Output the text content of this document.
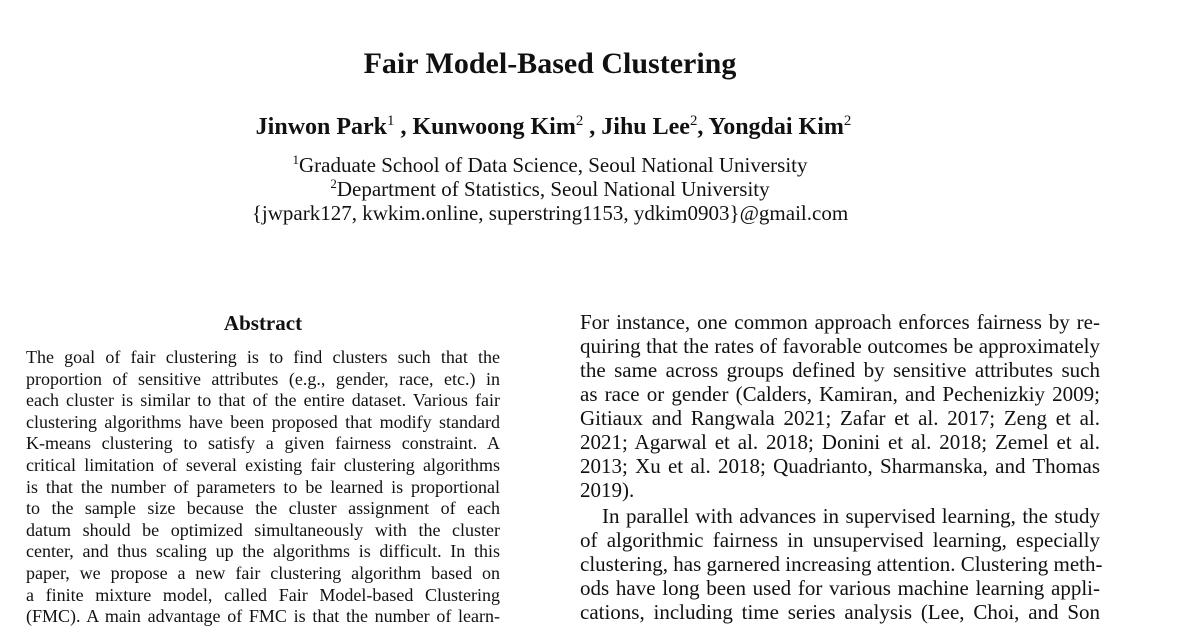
Fair Model-Based Clustering
Jinwon Park$^1$ , Kunwoong Kim$^2$ , Jihu Lee$^2$, Yongdai Kim$^2$
$^1$Graduate School of Data Science, Seoul National University
$^2$Department of Statistics, Seoul National University
{jwpark127, kwkim.online, superstring1153, ydkim0903}@gmail.com
Abstract
The goal of fair clustering is to find clusters such that the
proportion of sensitive attributes (e.g., gender, race, etc.) in
each cluster is similar to that of the entire dataset. Various fair
clustering algorithms have been proposed that modify standard
K-means clustering to satisfy a given fairness constraint. A
critical limitation of several existing fair clustering algorithms
is that the number of parameters to be learned is proportional
to the sample size because the cluster assignment of each
datum should be optimized simultaneously with the cluster
center, and thus scaling up the algorithms is difficult. In this
paper, we propose a new fair clustering algorithm based on
a finite mixture model, called Fair Model-based Clustering
(FMC). A main advantage of FMC is that the number of learn-
For instance, one common approach enforces fairness by re-
quiring that the rates of favorable outcomes be approximately
the same across groups defined by sensitive attributes such
as race or gender (Calders, Kamiran, and Pechenizkiy 2009;
Gitiaux and Rangwala 2021; Zafar et al. 2017; Zeng et al.
2021; Agarwal et al. 2018; Donini et al. 2018; Zemel et al.
2013; Xu et al. 2018; Quadrianto, Sharmanska, and Thomas
2019).
In parallel with advances in supervised learning, the study
of algorithmic fairness in unsupervised learning, especially
clustering, has garnered increasing attention. Clustering meth-
ods have long been used for various machine learning appli-
cations, including time series analysis (Lee, Choi, and Son
